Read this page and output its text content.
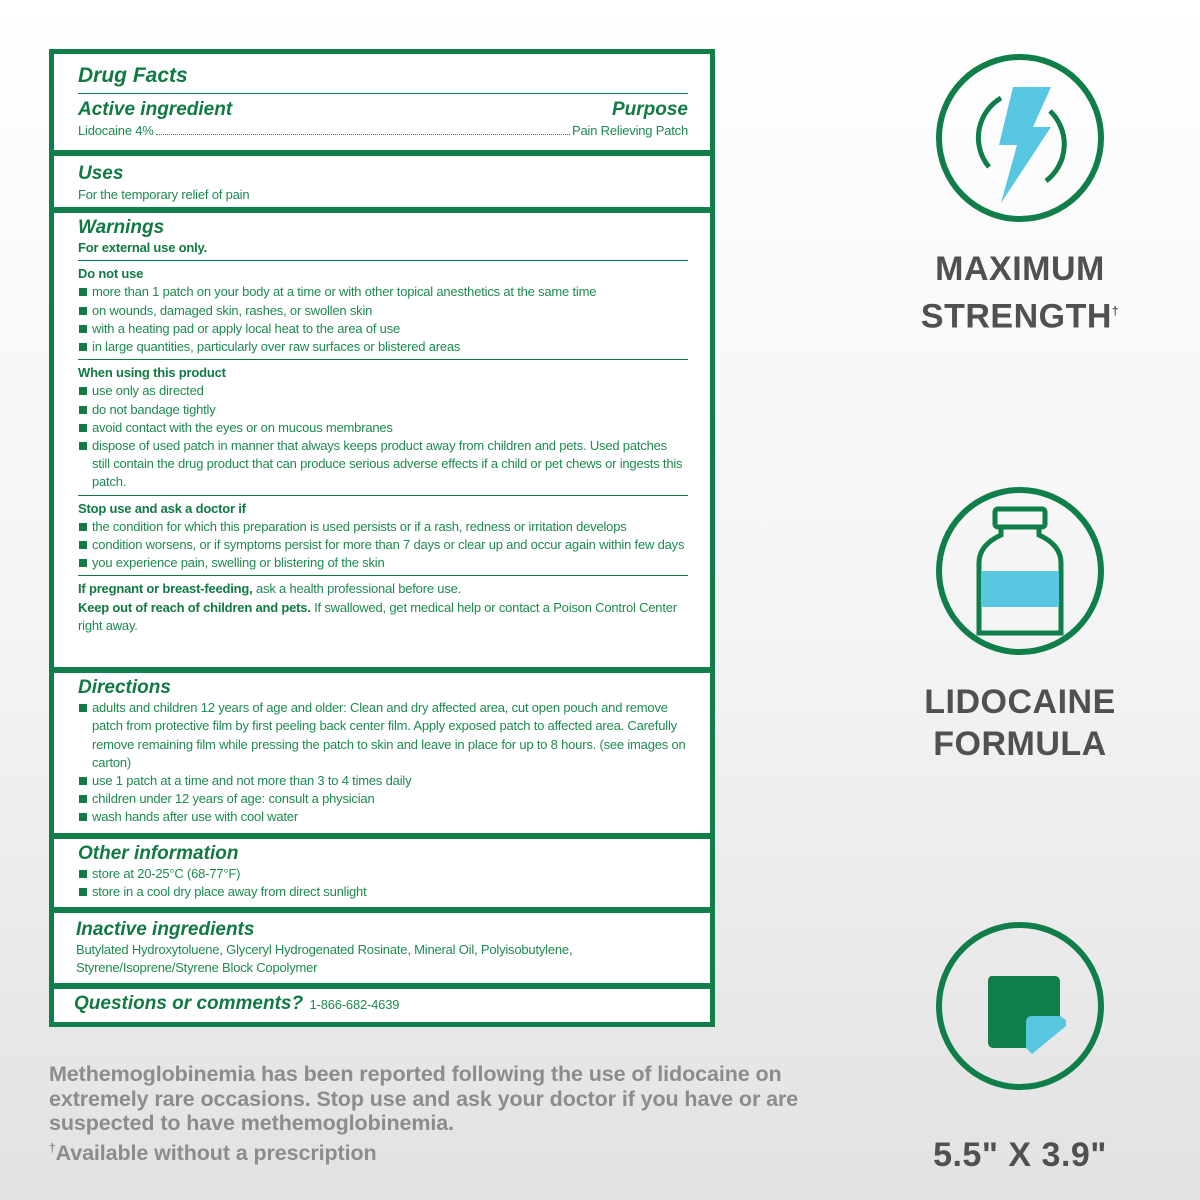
Drug Facts
Active ingredient	Purpose
Lidocaine 4%	Pain Relieving Patch
Uses
For the temporary relief of pain
Warnings
For external use only.
Do not use
more than 1 patch on your body at a time or with other topical anesthetics at the same time
on wounds, damaged skin, rashes, or swollen skin
with a heating pad or apply local heat to the area of use
in large quantities, particularly over raw surfaces or blistered areas
When using this product
use only as directed
do not bandage tightly
avoid contact with the eyes or on mucous membranes
dispose of used patch in manner that always keeps product away from children and pets. Used patches still contain the drug product that can produce serious adverse effects if a child or pet chews or ingests this patch.
Stop use and ask a doctor if
the condition for which this preparation is used persists or if a rash, redness or irritation develops
condition worsens, or if symptoms persist for more than 7 days or clear up and occur again within few days
you experience pain, swelling or blistering of the skin
If pregnant or breast-feeding, ask a health professional before use.
Keep out of reach of children and pets. If swallowed, get medical help or contact a Poison Control Center right away.
Directions
adults and children 12 years of age and older: Clean and dry affected area, cut open pouch and remove patch from protective film by first peeling back center film. Apply exposed patch to affected area. Carefully remove remaining film while pressing the patch to skin and leave in place for up to 8 hours. (see images on carton)
use 1 patch at a time and not more than 3 to 4 times daily
children under 12 years of age: consult a physician
wash hands after use with cool water
Other information
store at 20-25°C (68-77°F)
store in a cool dry place away from direct sunlight
Inactive ingredients
Butylated Hydroxytoluene, Glyceryl Hydrogenated Rosinate, Mineral Oil, Polyisobutylene, Styrene/Isoprene/Styrene Block Copolymer
Questions or comments? 1-866-682-4639
Methemoglobinemia has been reported following the use of lidocaine on extremely rare occasions. Stop use and ask your doctor if you have or are suspected to have methemoglobinemia.
†Available without a prescription
MAXIMUM
STRENGTH†
LIDOCAINE
FORMULA
5.5" X 3.9"
